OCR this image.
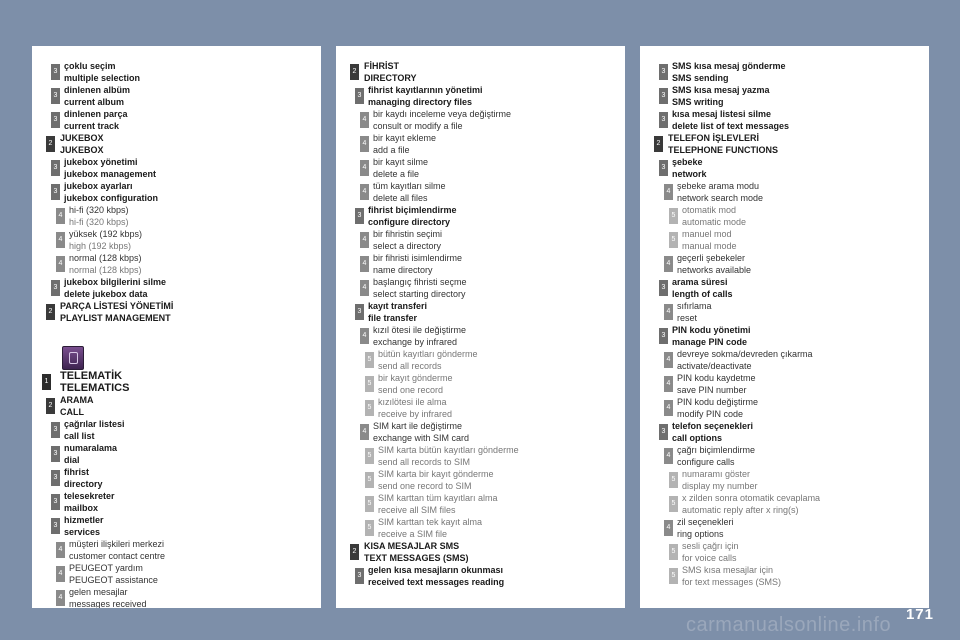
3
çoklu seçim
multiple selection
3
dinlenen albüm
current album
3
dinlenen parça
current track
2
JUKEBOX
JUKEBOX
3
jukebox yönetimi
jukebox management
3
jukebox ayarları
jukebox configuration
4
hi-fi (320 kbps)
hi-fi (320 kbps)
4
yüksek (192 kbps)
high (192 kbps)
4
normal (128 kbps)
normal (128 kbps)
3
jukebox bilgilerini silme
delete jukebox data
2
PARÇA LİSTESİ YÖNETİMİ
PLAYLIST MANAGEMENT
1 TELEMATİK
TELEMATICS
2
ARAMA
CALL
3
çağrılar listesi
call list
3
numaralama
dial
3
fihrist
directory
3
telesekreter
mailbox
3
hizmetler
services
4
müşteri ilişkileri merkezi
customer contact centre
4
PEUGEOT yardım
PEUGEOT assistance
4
gelen mesajlar
messages received
2
FİHRİST
DIRECTORY
3
fihrist kayıtlarının yönetimi
managing directory files
4
bir kaydı inceleme veya değiştirme
consult or modify a file
4
bir kayıt ekleme
add a file
4
bir kayıt silme
delete a file
4
tüm kayıtları silme
delete all files
3
fihrist biçimlendirme
configure directory
4
bir fihristin seçimi
select a directory
4
bir fihristi isimlendirme
name directory
4
başlangıç fihristi seçme
select starting directory
3
kayıt transferi
file transfer
4
kızıl ötesi ile değiştirme
exchange by infrared
5
bütün kayıtları gönderme
send all records
5
bir kayıt gönderme
send one record
5
kızılötesi ile alma
receive by infrared
4
SIM kart ile değiştirme
exchange with SIM card
5
SIM karta bütün kayıtları gönderme
send all records to SIM
5
SIM karta bir kayıt gönderme
send one record to SIM
5
SIM karttan tüm kayıtları alma
receive all SIM files
5
SIM karttan tek kayıt alma
receive a SIM file
2
KISA MESAJLAR SMS
TEXT MESSAGES (SMS)
3
gelen kısa mesajların okunması
received text messages reading
3
SMS kısa mesaj gönderme
SMS sending
3
SMS kısa mesaj yazma
SMS writing
3
kısa mesaj listesi silme
delete list of text messages
2
TELEFON İŞLEVLERİ
TELEPHONE FUNCTIONS
3
şebeke
network
4
şebeke arama modu
network search mode
5
otomatik mod
automatic mode
5
manuel mod
manual mode
4
geçerli şebekeler
networks available
3
arama süresi
length of calls
4
sıfırlama
reset
3
PIN kodu yönetimi
manage PIN code
4
devreye sokma/devreden çıkarma
activate/deactivate
4
PIN kodu kaydetme
save PIN number
4
PIN kodu değiştirme
modify PIN code
3
telefon seçenekleri
call options
4
çağrı biçimlendirme
configure calls
5
numaramı göster
display my number
5
x zilden sonra otomatik cevaplama
automatic reply after x ring(s)
4
zil seçenekleri
ring options
5
sesli çağrı için
for voice calls
5
SMS kısa mesajlar için
for text messages (SMS)
171
carmanualsonline.info
